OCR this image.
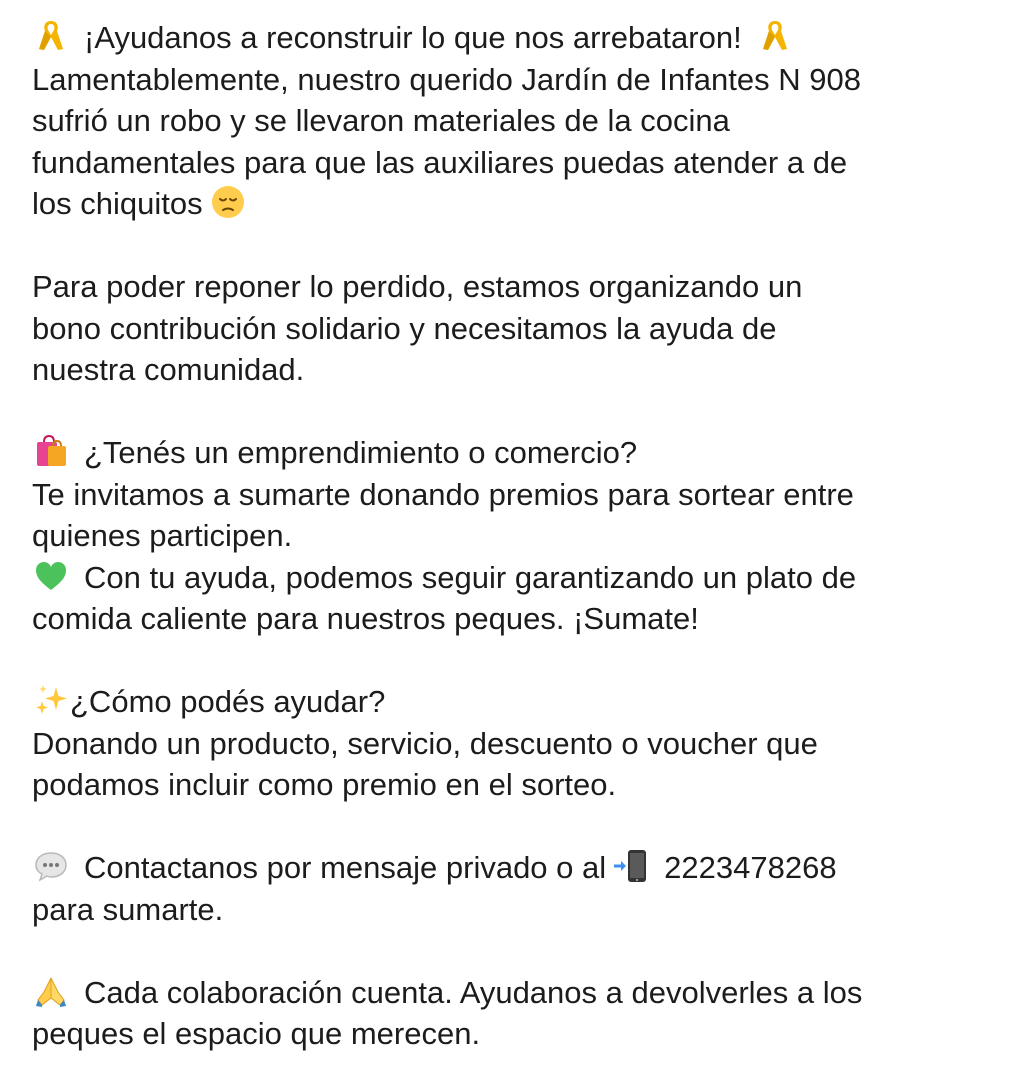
¡Ayudanos a reconstruir lo que nos arrebataron!
Lamentablemente, nuestro querido Jardín de Infantes N 908
sufrió un robo y se llevaron materiales de la cocina
fundamentales para que las auxiliares puedas atender a de
los chiquitos
Para poder reponer lo perdido, estamos organizando un
bono contribución solidario y necesitamos la ayuda de
nuestra comunidad.
¿Tenés un emprendimiento o comercio?
Te invitamos a sumarte donando premios para sortear entre
quienes participen.
Con tu ayuda, podemos seguir garantizando un plato de
comida caliente para nuestros peques. ¡Sumate!
¿Cómo podés ayudar?
Donando un producto, servicio, descuento o voucher que
podamos incluir como premio en el sorteo.
Contactanos por mensaje privado o al 2223478268
para sumarte.
Cada colaboración cuenta. Ayudanos a devolverles a los
peques el espacio que merecen.
